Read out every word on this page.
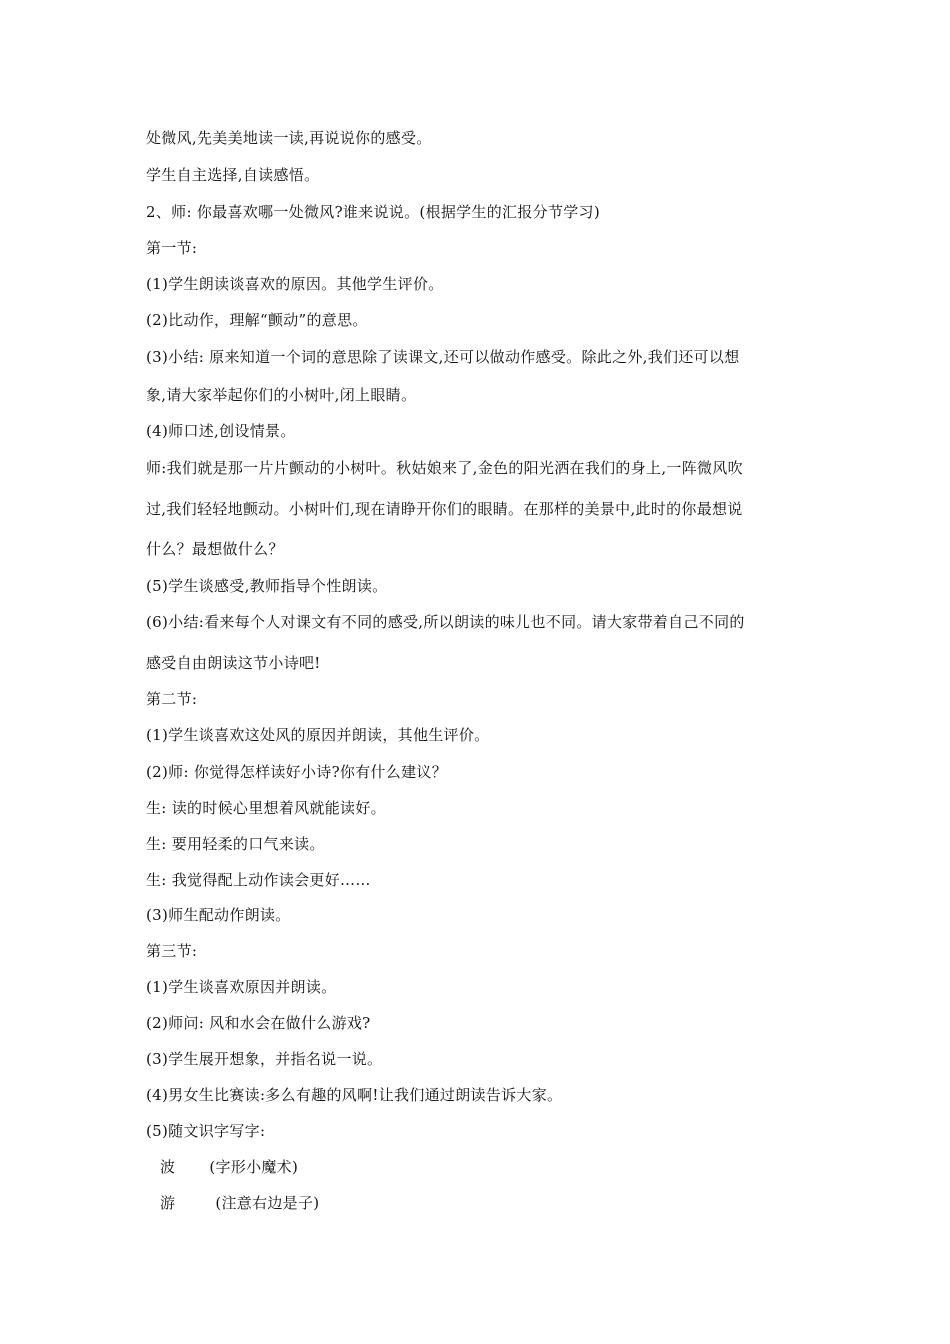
处微风,先美美地读一读,再说说你的感受。
学生自主选择,自读感悟。
2、师: 你最喜欢哪一处微风?谁来说说。(根据学生的汇报分节学习)
第一节:
(1)学生朗读谈喜欢的原因。其他学生评价。
(2)比动作，理解“颤动”的意思。
(3)小结: 原来知道一个词的意思除了读课文,还可以做动作感受。除此之外,我们还可以想
象,请大家举起你们的小树叶,闭上眼睛。
(4)师口述,创设情景。
师:我们就是那一片片颤动的小树叶。秋姑娘来了,金色的阳光洒在我们的身上,一阵微风吹
过,我们轻轻地颤动。小树叶们,现在请睁开你们的眼睛。在那样的美景中,此时的你最想说
什么？最想做什么？
(5)学生谈感受,教师指导个性朗读。
(6)小结:看来每个人对课文有不同的感受,所以朗读的味儿也不同。请大家带着自己不同的
感受自由朗读这节小诗吧!
第二节:
(1)学生谈喜欢这处风的原因并朗读，其他生评价。
(2)师: 你觉得怎样读好小诗?你有什么建议？
生: 读的时候心里想着风就能读好。
生: 要用轻柔的口气来读。
生: 我觉得配上动作读会更好……
(3)师生配动作朗读。
第三节:
(1)学生谈喜欢原因并朗读。
(2)师问: 风和水会在做什么游戏?
(3)学生展开想象，并指名说一说。
(4)男女生比赛读:多么有趣的风啊!让我们通过朗读告诉大家。
(5)随文识字写字:
波 (字形小魔术)
游	(注意右边是子)
